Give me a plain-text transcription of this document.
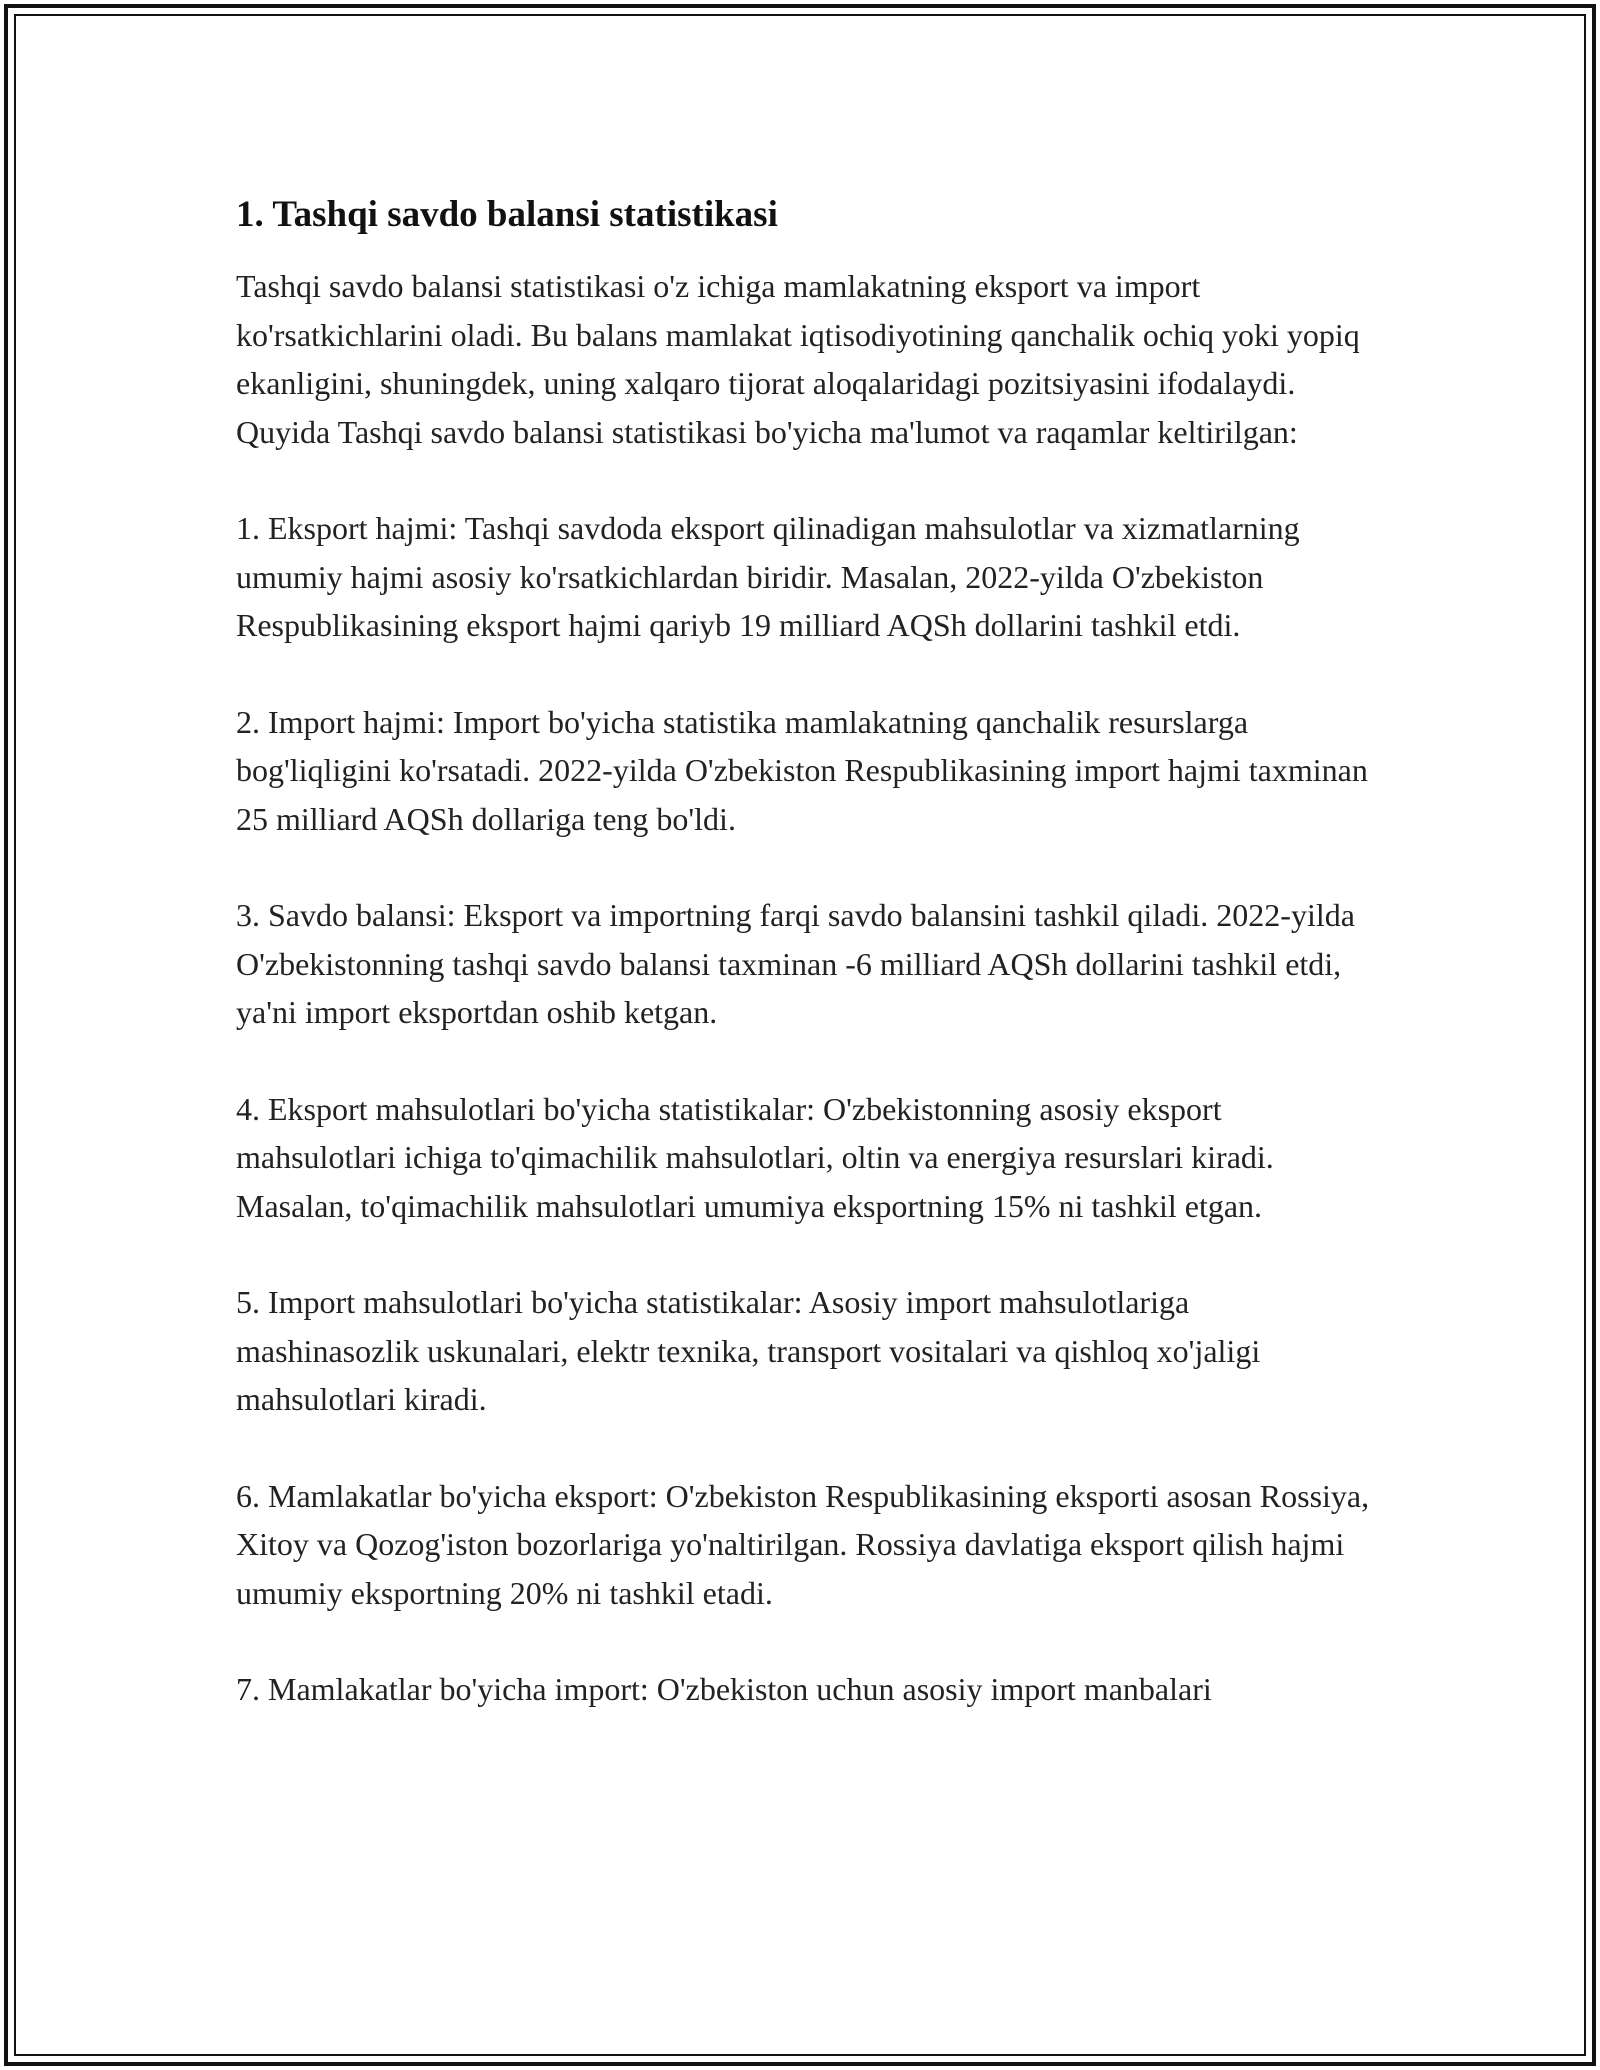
1. Tashqi savdo balansi statistikasi

Tashqi savdo balansi statistikasi o'z ichiga mamlakatning eksport va import ko'rsatkichlarini oladi. Bu balans mamlakat iqtisodiyotining qanchalik ochiq yoki yopiq ekanligini, shuningdek, uning xalqaro tijorat aloqalaridagi pozitsiyasini ifodalaydi. Quyida Tashqi savdo balansi statistikasi bo'yicha ma'lumot va raqamlar keltirilgan:

1. Eksport hajmi: Tashqi savdoda eksport qilinadigan mahsulotlar va xizmatlarning umumiy hajmi asosiy ko'rsatkichlardan biridir. Masalan, 2022-yilda O'zbekiston Respublikasining eksport hajmi qariyb 19 milliard AQSh dollarini tashkil etdi.

2. Import hajmi: Import bo'yicha statistika mamlakatning qanchalik resurslarga bog'liqligini ko'rsatadi. 2022-yilda O'zbekiston Respublikasining import hajmi taxminan 25 milliard AQSh dollariga teng bo'ldi.

3. Savdo balansi: Eksport va importning farqi savdo balansini tashkil qiladi. 2022-yilda O'zbekistonning tashqi savdo balansi taxminan -6 milliard AQSh dollarini tashkil etdi, ya'ni import eksportdan oshib ketgan.

4. Eksport mahsulotlari bo'yicha statistikalar: O'zbekistonning asosiy eksport mahsulotlari ichiga to'qimachilik mahsulotlari, oltin va energiya resurslari kiradi. Masalan, to'qimachilik mahsulotlari umumiya eksportning 15% ni tashkil etgan.

5. Import mahsulotlari bo'yicha statistikalar: Asosiy import mahsulotlariga mashinasozlik uskunalari, elektr texnika, transport vositalari va qishloq xo'jaligi mahsulotlari kiradi.

6. Mamlakatlar bo'yicha eksport: O'zbekiston Respublikasining eksporti asosan Rossiya, Xitoy va Qozog'iston bozorlariga yo'naltirilgan. Rossiya davlatiga eksport qilish hajmi umumiy eksportning 20% ni tashkil etadi.

7. Mamlakatlar bo'yicha import: O'zbekiston uchun asosiy import manbalari
